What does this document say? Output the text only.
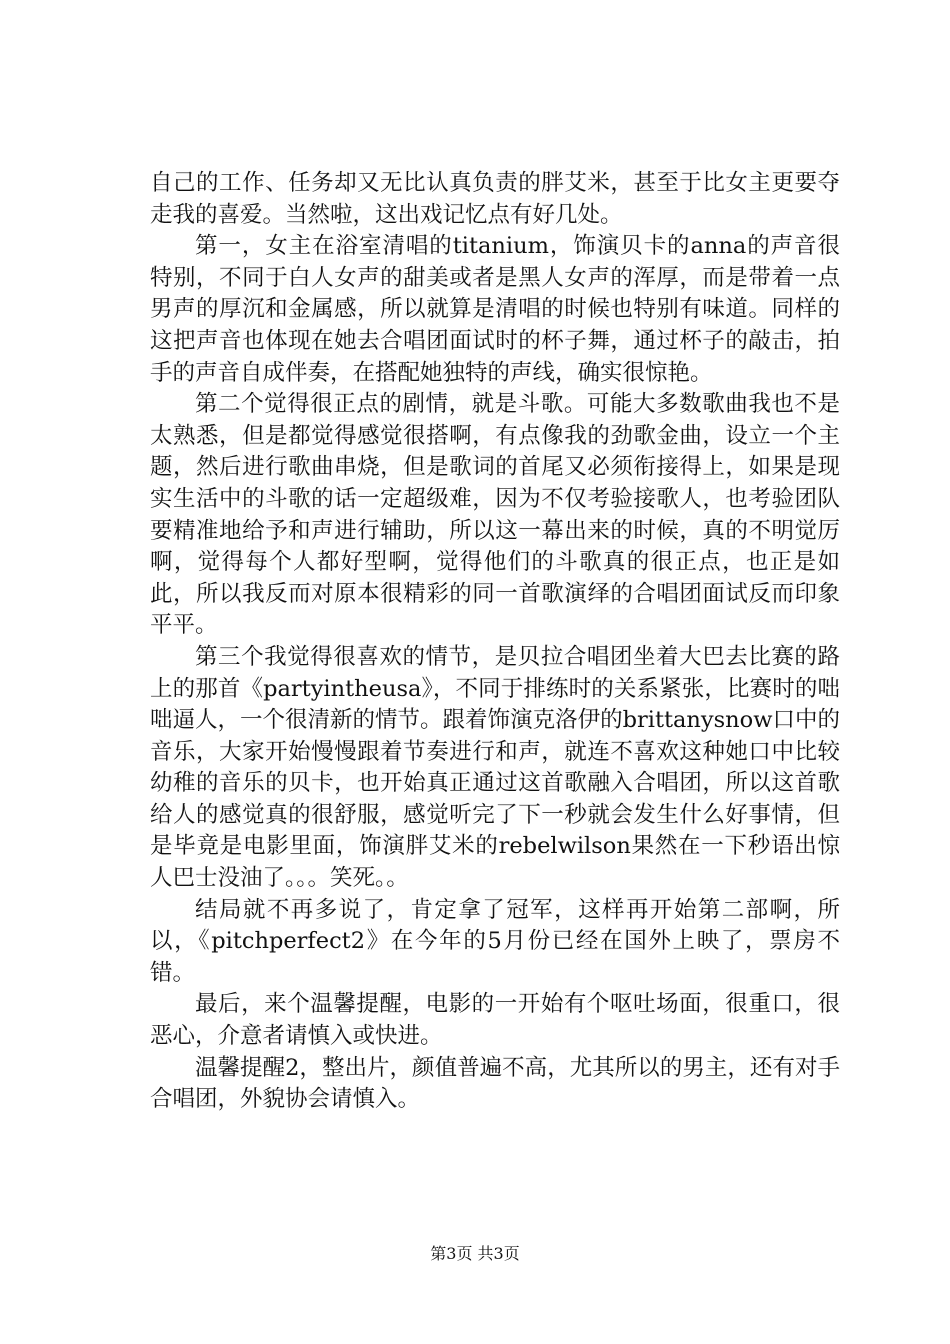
自己的工作、任务却又无比认真负责的胖艾米，甚至于比女主更要夺走我的喜爱。当然啦，这出戏记忆点有好几处。

第一，女主在浴室清唱的titanium，饰演贝卡的anna的声音很特别，不同于白人女声的甜美或者是黑人女声的浑厚，而是带着一点男声的厚沉和金属感，所以就算是清唱的时候也特别有味道。同样的这把声音也体现在她去合唱团面试时的杯子舞，通过杯子的敲击，拍手的声音自成伴奏，在搭配她独特的声线，确实很惊艳。

第二个觉得很正点的剧情，就是斗歌。可能大多数歌曲我也不是太熟悉，但是都觉得感觉很搭啊，有点像我的劲歌金曲，设立一个主题，然后进行歌曲串烧，但是歌词的首尾又必须衔接得上，如果是现实生活中的斗歌的话一定超级难，因为不仅考验接歌人，也考验团队要精准地给予和声进行辅助，所以这一幕出来的时候，真的不明觉厉啊，觉得每个人都好型啊，觉得他们的斗歌真的很正点，也正是如此，所以我反而对原本很精彩的同一首歌演绎的合唱团面试反而印象平平。

第三个我觉得很喜欢的情节，是贝拉合唱团坐着大巴去比赛的路上的那首《partyintheusa》，不同于排练时的关系紧张，比赛时的咄咄逼人，一个很清新的情节。跟着饰演克洛伊的brittanysnow口中的音乐，大家开始慢慢跟着节奏进行和声，就连不喜欢这种她口中比较幼稚的音乐的贝卡，也开始真正通过这首歌融入合唱团，所以这首歌给人的感觉真的很舒服，感觉听完了下一秒就会发生什么好事情，但是毕竟是电影里面，饰演胖艾米的rebelwilson果然在一下秒语出惊人巴士没油了。。。笑死。。

结局就不再多说了，肯定拿了冠军，这样再开始第二部啊，所以，《pitchperfect2》在今年的5月份已经在国外上映了，票房不错。

最后，来个温馨提醒，电影的一开始有个呕吐场面，很重口，很恶心，介意者请慎入或快进。

温馨提醒2，整出片，颜值普遍不高，尤其所以的男主，还有对手合唱团，外貌协会请慎入。

第3页 共3页
